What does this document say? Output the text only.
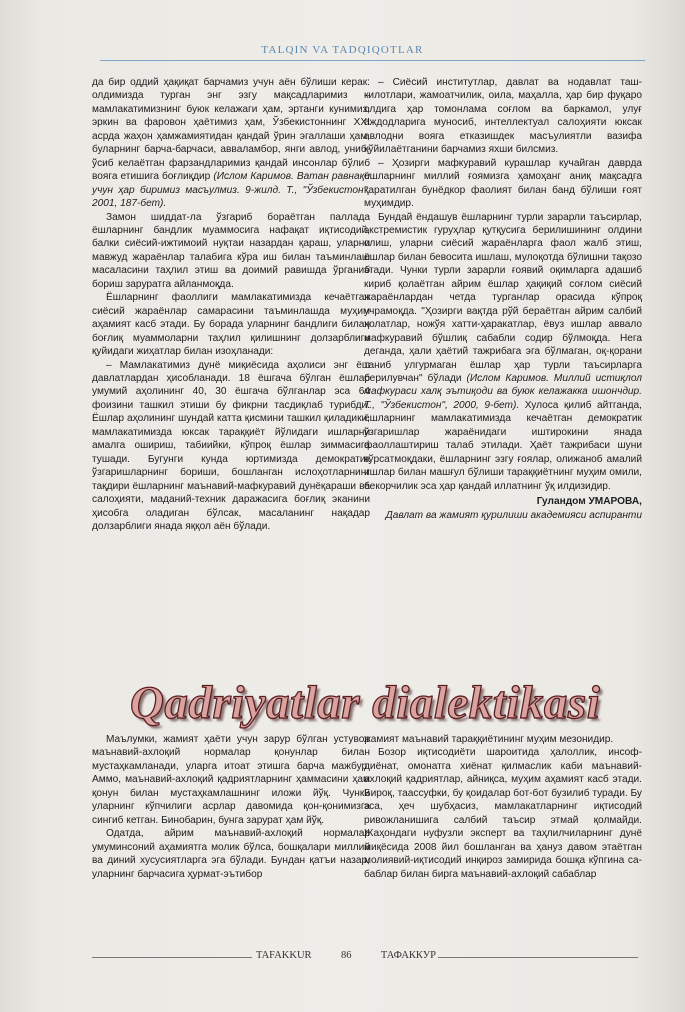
TALQIN VA TADQIQOTLAR

да бир оддий ҳақиқат барчамиз учун аён бўлиши керак: олдимизда турган энг эзгу мақсадларимиз – мамлакатимизнинг буюк келажаги ҳам, эртанги кунимиз, эркин ва фаровон ҳаётимиз ҳам, Ўзбекистоннинг XXI асрда жаҳон ҳамжамиятидан қандай ўрин эгаллаши ҳам, буларнинг барча-барчаси, авваламбор, янги авлод, униб-ўсиб келаётган фарзандларимиз қандай инсонлар бўлиб вояга етишига боғлиқдир (Ислом Каримов. Ватан равнақи учун ҳар биримиз масъулмиз. 9-жилд. Т., "Ўзбекистон", 2001, 187-бет).

Замон шиддат-ла ўзгариб бораётган паллада ёшларнинг бандлик муаммосига нафақат иқтисодий, балки сиёсий-ижтимоий нуқтаи назардан қараш, уларни мавжуд жараёнлар талабига кўра иш билан таъминлаш масаласини таҳлил этиш ва доимий равишда ўрганиб бориш заруратга айланмоқда.

Ёшларнинг фаоллиги мамлакатимизда кечаётган сиёсий жараёнлар самарасини таъминлашда муҳим аҳамият касб этади. Бу борада уларнинг бандлиги билан боғлиқ муаммоларни таҳлил қилишнинг долзарблиги қуйидаги жиҳатлар билан изоҳланади:

– Мамлакатимиз дунё миқиёсида аҳолиси энг ёш давлатлардан ҳисобланади. 18 ёшгача бўлган ёшлар умумий аҳолининг 40, 30 ёшгача бўлганлар эса 64 фоизини ташкил этиши бу фикрни тасдиқлаб турибди. Ёшлар аҳолининг шундай катта қисмини ташкил қиладики, мамлакатимизда юксак тараққиёт йўлидаги ишларни амалга ошириш, табиийки, кўпроқ ёшлар зиммасига тушади. Бугунги кунда юртимизда демократик ўзгаришларнинг бориши, бошланган ислоҳотларнинг тақдири ёшларнинг маънавий-мафкуравий дунёқараши ва салоҳияти, маданий-техник даражасига боғлиқ эканини ҳисобга оладиган бўлсак, масаланинг нақадар долзарблиги янада яққол аён бўлади.

– Сиёсий институтлар, давлат ва нодавлат ташкилотлари, жамоатчилик, оила, маҳалла, ҳар бир фуқаро олдига ҳар томонлама соғлом ва баркамол, улуғ аждодларига муносиб, интеллектуал салоҳияти юксак авлодни вояга етказишдек масъулиятли вазифа қўйилаётганини барчамиз яхши билсмиз.

– Ҳозирги мафкуравий курашлар кучайган даврда ёшларнинг миллий ғоямизга ҳамоҳанг аниқ мақсадга қаратилган бунёдкор фаолият билан банд бўлиши ғоят муҳимдир.

Бундай ёндашув ёшларнинг турли зарарли таъсирлар, экстремистик гуруҳлар қутқусига берилишининг олдини олиш, уларни сиёсий жараёнларга фаол жалб этиш, ёшлар билан бевосита ишлаш, мулоқотда бўлишни тақозо этади. Чунки турли зарарли ғоявий оқимларга адашиб кириб қолаётган айрим ёшлар ҳақиқий соғлом сиёсий жараёнлардан четда турганлар орасида кўпроқ учрамоқда. "Ҳозирги вақтда рўй бераётган айрим салбий ҳолатлар, ножўя хатти-ҳаракатлар, ёвуз ишлар аввало мафкуравий бўшлиқ сабабли содир бўлмоқда. Нега деганда, ҳали ҳаётий тажрибага эга бўлмаган, оқ-қорани таниб улгурмаган ёшлар ҳар турли таъсирларга берилувчан" бўлади (Ислом Каримов. Миллий истиқлол мафкураси халқ эътиқоди ва буюк келажакка ишончдир. Т., "Ўзбекистон", 2000, 9-бет). Хулоса қилиб айтганда, ёшларнинг мамлакатимизда кечаётган демократик ўзгаришлар жараёнидаги иштирокини янада фаоллаштириш талаб этилади. Ҳаёт тажрибаси шуни кўрсатмоқдаки, ёшларнинг эзгу ғоялар, олижаноб амалий ишлар билан машғул бўлиши тараққиётнинг муҳим омили, бекорчилик эса ҳар қандай иллатнинг ўқ илдизидир.

Гуландом УМАРОВА,
Давлат ва жамият қурилиши академияси аспиранти
Qadriyatlar dialektikasi

Маълумки, жамият ҳаёти учун зарур бўлган устувор маънавий-ахлоқий нормалар қонунлар билан мустаҳкамланади, уларга итоат этишга барча мажбур. Аммо, маънавий-ахлоқий қадриятларнинг ҳаммасини ҳам қонун билан мустаҳкамлашнинг иложи йўқ. Чунки уларнинг кўпчилиги асрлар давомида қон-қонимизга сингиб кетган. Бинобарин, бунга зарурат ҳам йўқ.

Одатда, айрим маънавий-ахлоқий нормалар умуминсоний аҳамиятга молик бўлса, бошқалари миллий ва диний хусусиятларга эга бўлади. Бундан қатъи назар, уларнинг барчасига ҳурмат-эътибор

жамият маънавий тараққиётининг муҳим мезонидир.

Бозор иқтисодиёти шароитида ҳалоллик, инсоф-диёнат, омонатга хиёнат қилмаслик каби маънавий-ахлоқий қадриятлар, айниқса, муҳим аҳамият касб этади. Бироқ, таассуфки, бу қоидалар бот-бот бузилиб туради. Бу эса, ҳеч шубҳасиз, мамлакатларнинг иқтисодий ривожланишига салбий таъсир этмай қолмайди. Жаҳондаги нуфузли эксперт ва таҳлилчиларнинг дунё миқёсида 2008 йил бошланган ва ҳануз давом этаётган молиявий-иқтисодий инқироз замирида бошқа кўпгина сабаблар билан бирга маънавий-ахлоқий сабаблар

TAFAKKUR	86	ТАФАККУР
